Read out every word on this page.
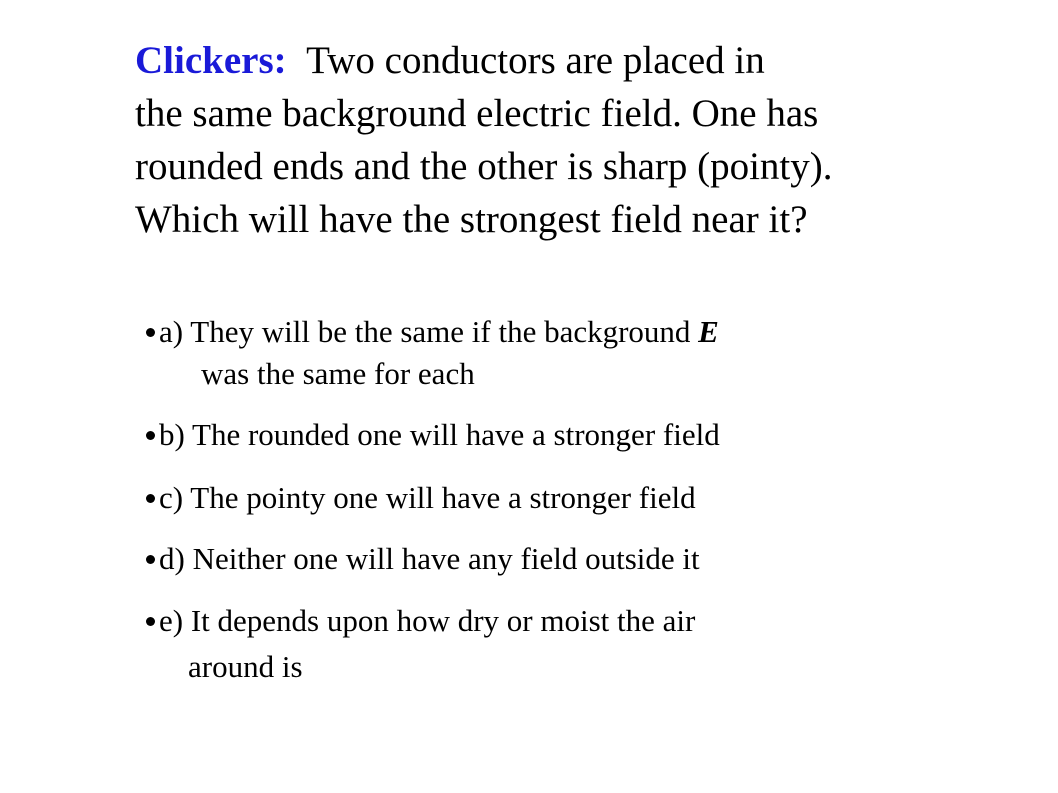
Clickers: Two conductors are placed in
the same background electric field. One has
rounded ends and the other is sharp (pointy).
Which will have the strongest field near it?
a) They will be the same if the background E
was the same for each
b) The rounded one will have a stronger field
c) The pointy one will have a stronger field
d) Neither one will have any field outside it
e) It depends upon how dry or moist the air
around is
